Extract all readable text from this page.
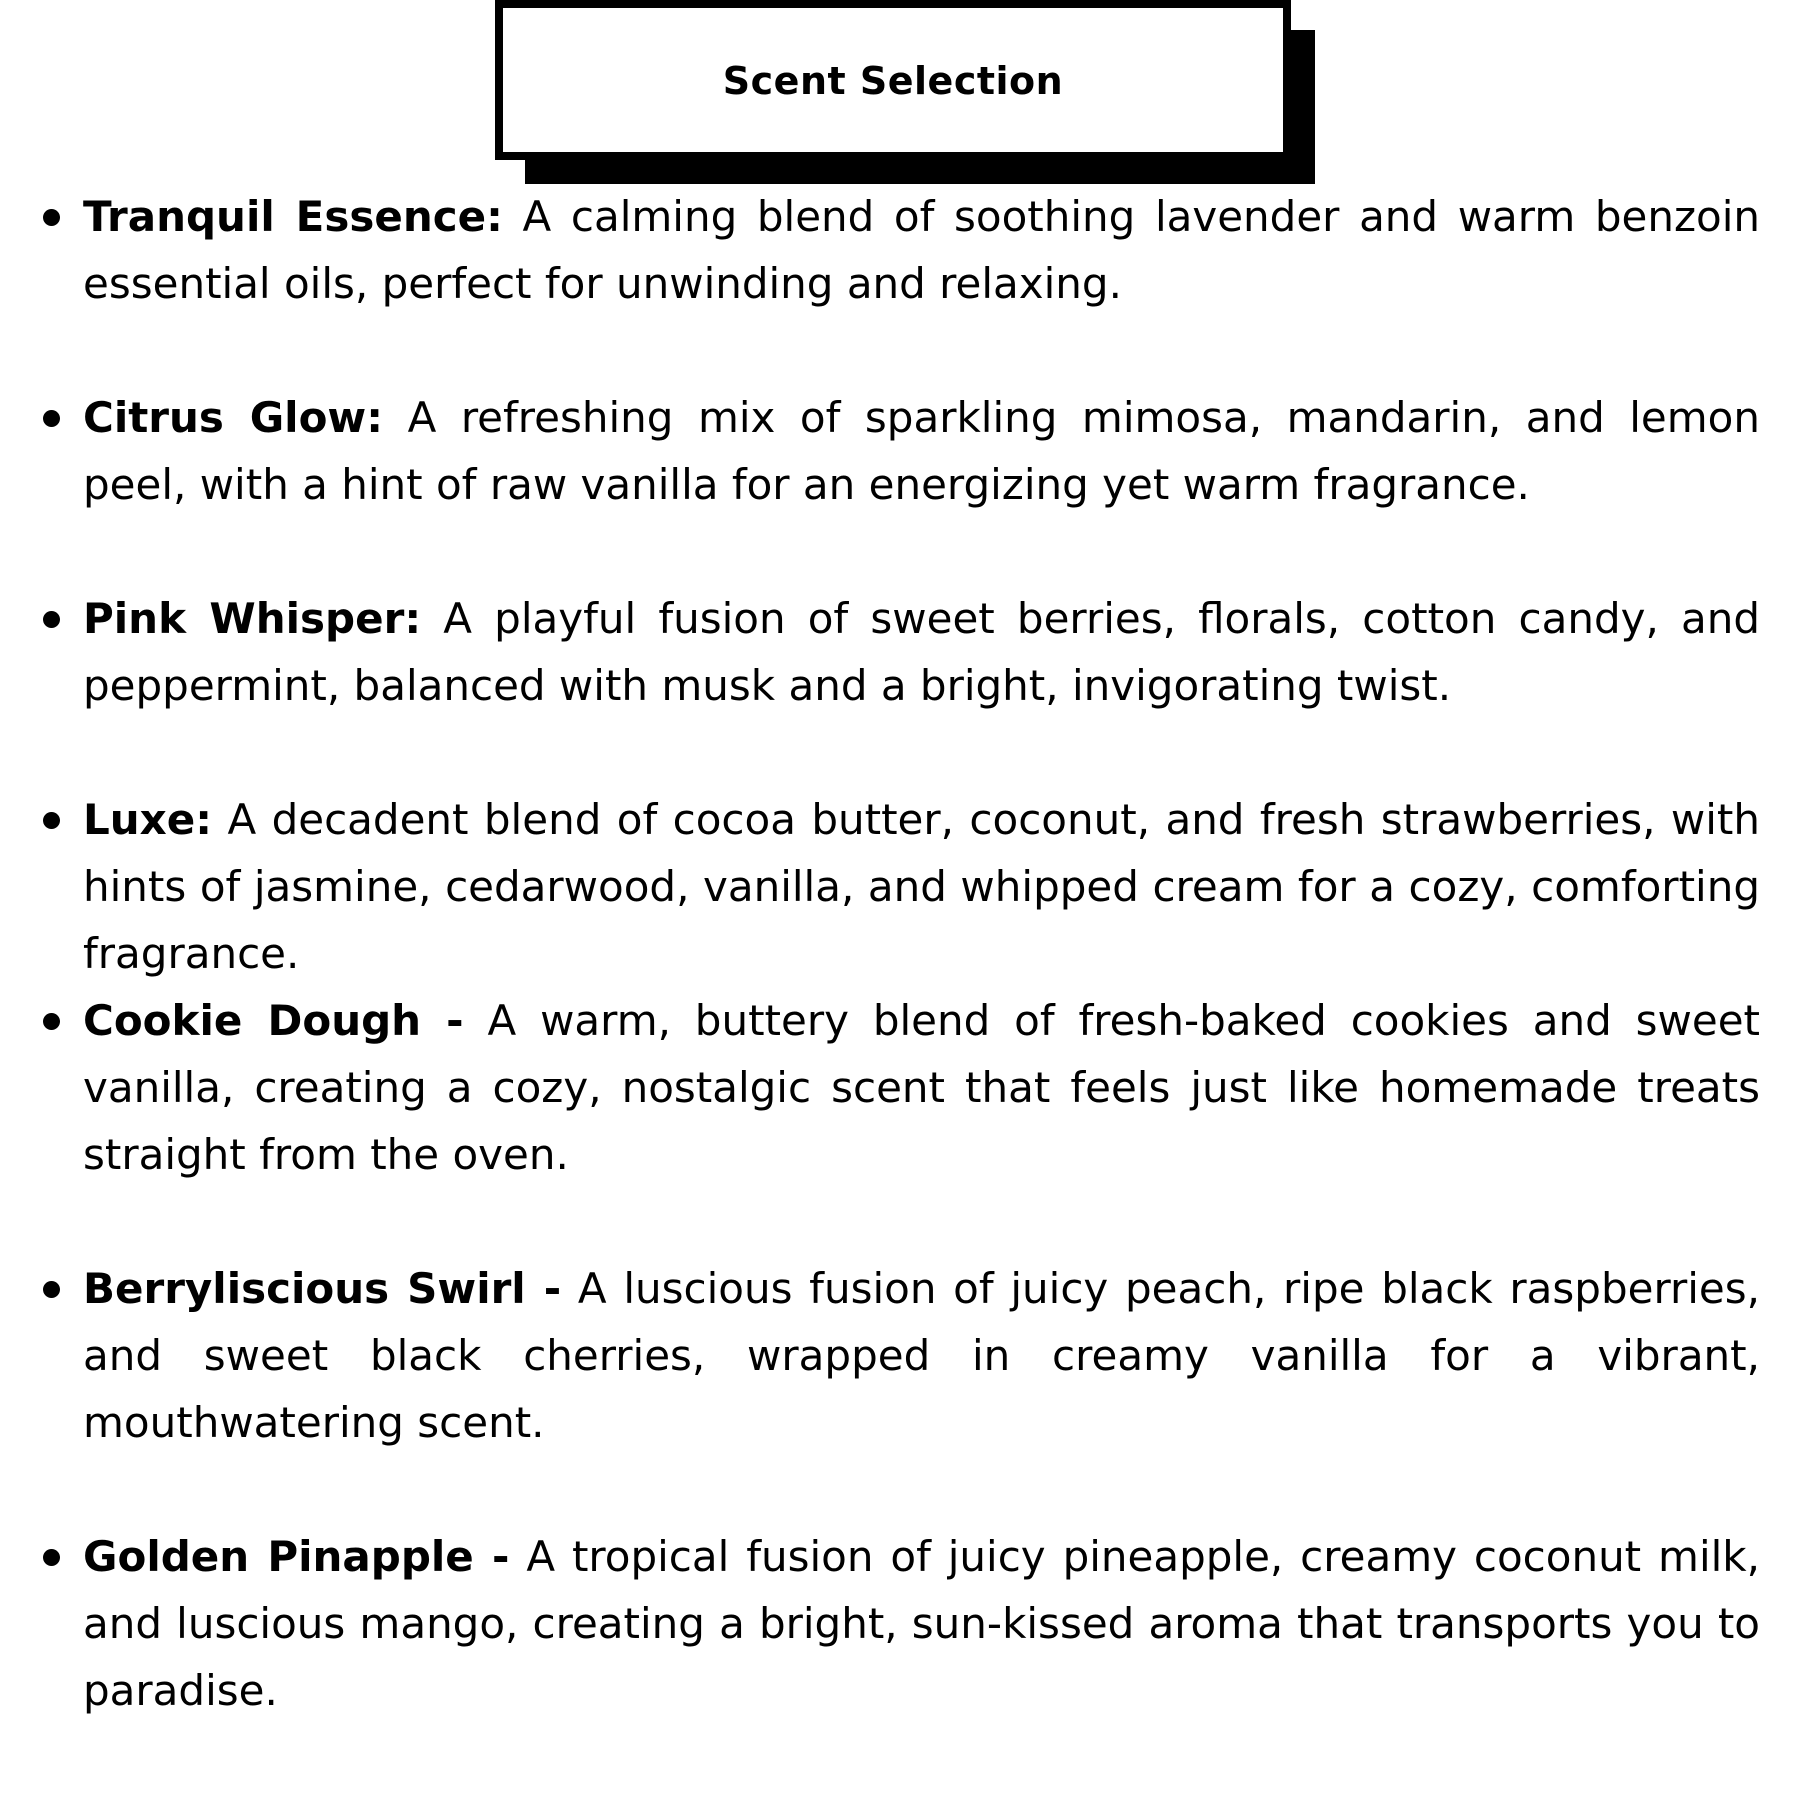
Scent Selection
Tranquil Essence: A calming blend of soothing lavender and warm benzoin essential oils, perfect for unwinding and relaxing.
Citrus Glow: A refreshing mix of sparkling mimosa, mandarin, and lemon peel, with a hint of raw vanilla for an energizing yet warm fragrance.
Pink Whisper: A playful fusion of sweet berries, florals, cotton candy, and peppermint, balanced with musk and a bright, invigorating twist.
Luxe: A decadent blend of cocoa butter, coconut, and fresh strawberries, with hints of jasmine, cedarwood, vanilla, and whipped cream for a cozy, comforting fragrance.
Cookie Dough - A warm, buttery blend of fresh-baked cookies and sweet vanilla, creating a cozy, nostalgic scent that feels just like homemade treats straight from the oven.
Berryliscious Swirl - A luscious fusion of juicy peach, ripe black raspberries, and sweet black cherries, wrapped in creamy vanilla for a vibrant, mouthwatering scent.
Golden Pinapple - A tropical fusion of juicy pineapple, creamy coconut milk, and luscious mango, creating a bright, sun-kissed aroma that transports you to paradise.
